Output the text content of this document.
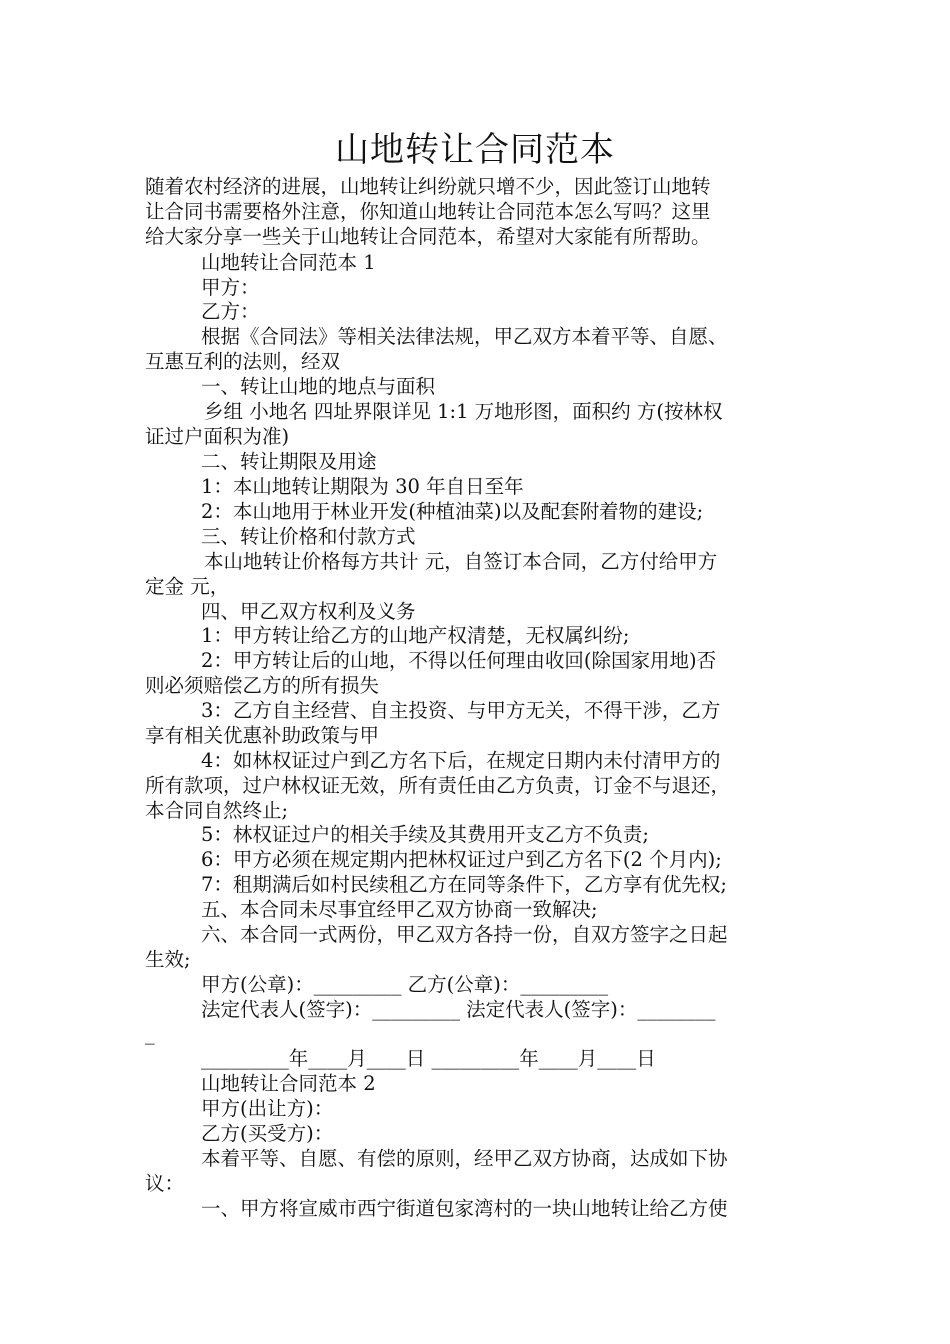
山地转让合同范本
随着农村经济的进展，山地转让纠纷就只增不少，因此签订山地转
让合同书需要格外注意，你知道山地转让合同范本怎么写吗？这里
给大家分享一些关于山地转让合同范本，希望对大家能有所帮助。
山地转让合同范本 1
甲方：
乙方：
根据《合同法》等相关法律法规，甲乙双方本着平等、自愿、
互惠互利的法则，经双
一、转让山地的地点与面积
乡组 小地名 四址界限详见 1:1 万地形图，面积约 方(按林权
证过户面积为准)
二、转让期限及用途
1：本山地转让期限为 30 年自日至年
2：本山地用于林业开发(种植油菜)以及配套附着物的建设;
三、转让价格和付款方式
本山地转让价格每方共计 元，自签订本合同，乙方付给甲方
定金 元，
四、甲乙双方权利及义务
1：甲方转让给乙方的山地产权清楚，无权属纠纷;
2：甲方转让后的山地，不得以任何理由收回(除国家用地)否
则必须赔偿乙方的所有损失
3：乙方自主经营、自主投资、与甲方无关，不得干涉，乙方
享有相关优惠补助政策与甲
4：如林权证过户到乙方名下后，在规定日期内未付清甲方的
所有款项，过户林权证无效，所有责任由乙方负责，订金不与退还，
本合同自然终止;
5：林权证过户的相关手续及其费用开支乙方不负责;
6：甲方必须在规定期内把林权证过户到乙方名下(2 个月内);
7：租期满后如村民续租乙方在同等条件下，乙方享有优先权;
五、本合同未尽事宜经甲乙双方协商一致解决;
六、本合同一式两份，甲乙双方各持一份，自双方签字之日起
生效;
甲方(公章)：_________ 乙方(公章)：_________
法定代表人(签字)：_________ 法定代表人(签字)：________
_
_________年____月____日 _________年____月____日
山地转让合同范本 2
甲方(出让方)：
乙方(买受方)：
本着平等、自愿、有偿的原则，经甲乙双方协商，达成如下协
议：
一、甲方将宣威市西宁街道包家湾村的一块山地转让给乙方使
